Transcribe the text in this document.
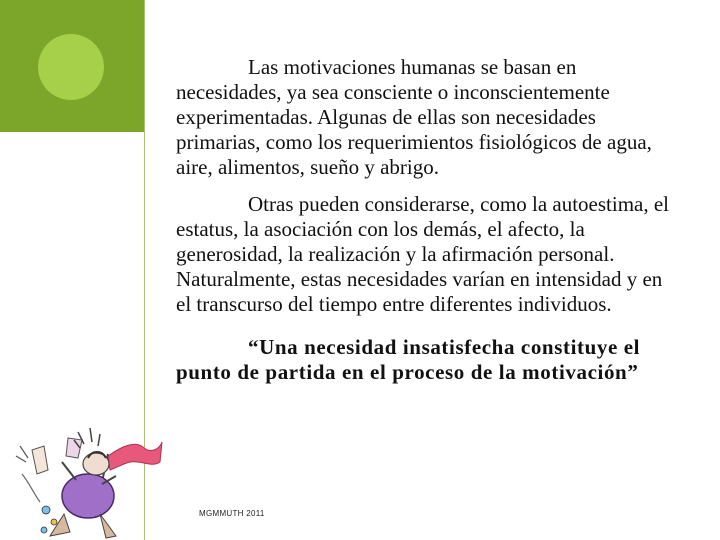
Las motivaciones humanas se basan en necesidades, ya sea consciente o inconscientemente experimentadas. Algunas de ellas son necesidades primarias, como los requerimientos fisiológicos de agua, aire, alimentos, sueño y abrigo.

Otras pueden considerarse, como la autoestima, el estatus, la asociación con los demás, el afecto, la generosidad, la realización y la afirmación personal. Naturalmente, estas necesidades varían en intensidad y en el transcurso del tiempo entre diferentes individuos.

“Una necesidad insatisfecha constituye el punto de partida en el proceso de la motivación”

MGMMUTH 2011
